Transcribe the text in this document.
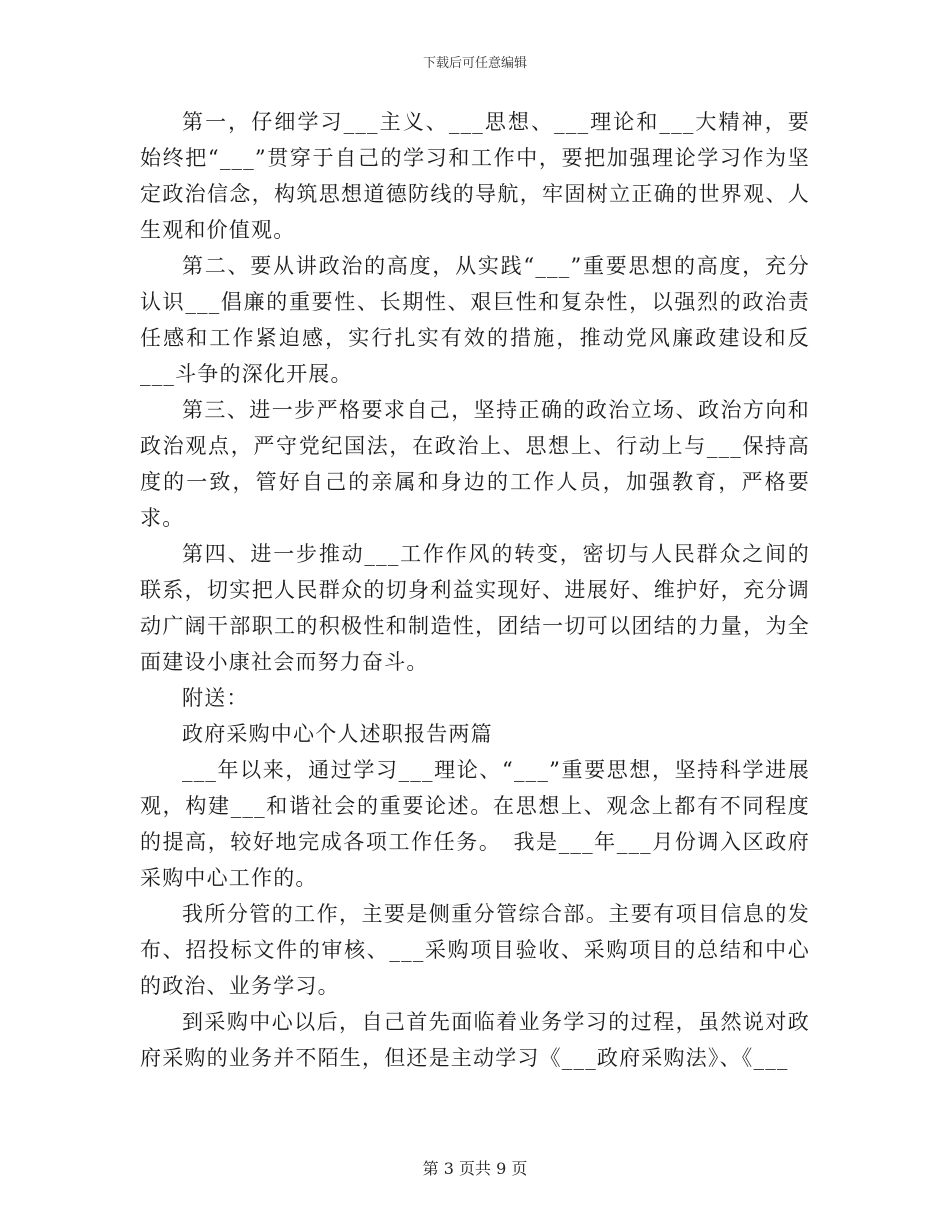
下载后可任意编辑

第一，仔细学习___主义、___思想、___理论和___大精神，要始终把“___”贯穿于自己的学习和工作中，要把加强理论学习作为坚定政治信念，构筑思想道德防线的导航，牢固树立正确的世界观、人生观和价值观。

第二、要从讲政治的高度，从实践“___”重要思想的高度，充分认识___倡廉的重要性、长期性、艰巨性和复杂性，以强烈的政治责任感和工作紧迫感，实行扎实有效的措施，推动党风廉政建设和反___斗争的深化开展。

第三、进一步严格要求自己，坚持正确的政治立场、政治方向和政治观点，严守党纪国法，在政治上、思想上、行动上与___保持高度的一致，管好自己的亲属和身边的工作人员，加强教育，严格要求。

第四、进一步推动___工作作风的转变，密切与人民群众之间的联系，切实把人民群众的切身利益实现好、进展好、维护好，充分调动广阔干部职工的积极性和制造性，团结一切可以团结的力量，为全面建设小康社会而努力奋斗。

附送：

政府采购中心个人述职报告两篇

___年以来，通过学习___理论、“___”重要思想，坚持科学进展观，构建___和谐社会的重要论述。在思想上、观念上都有不同程度的提高，较好地完成各项工作任务。　我是___年___月份调入区政府采购中心工作的。

我所分管的工作，主要是侧重分管综合部。主要有项目信息的发布、招投标文件的审核、___采购项目验收、采购项目的总结和中心的政治、业务学习。

到采购中心以后，自己首先面临着业务学习的过程，虽然说对政府采购的业务并不陌生，但还是主动学习《___政府采购法》、《___

第 3 页共 9 页
